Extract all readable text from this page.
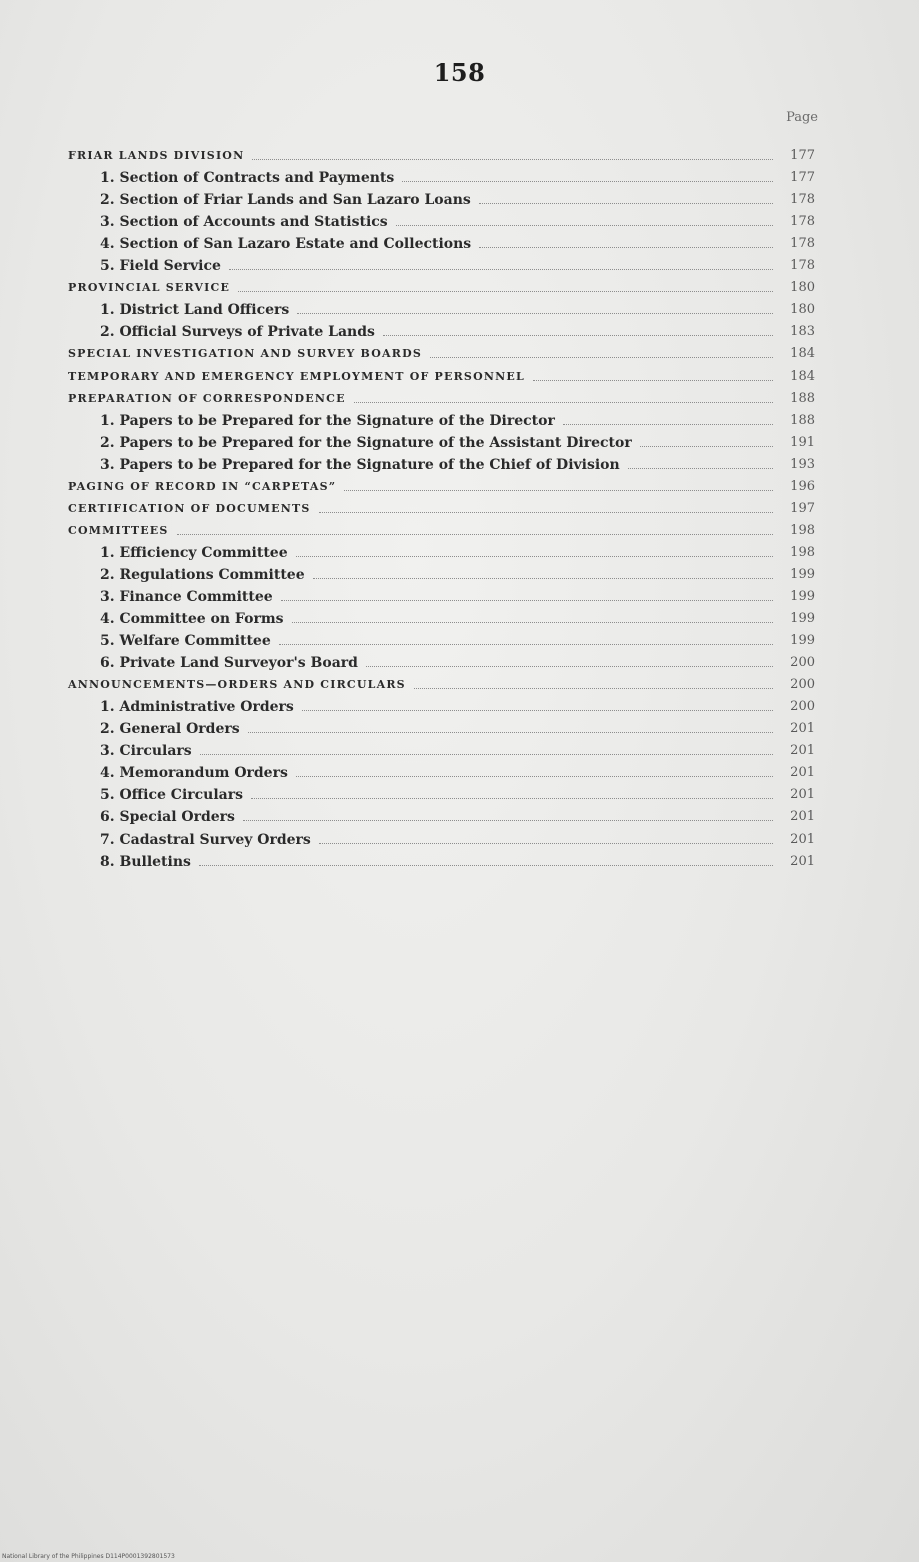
158
Page
FRIAR LANDS DIVISION	177
1. Section of Contracts and Payments	177
2. Section of Friar Lands and San Lazaro Loans	178
3. Section of Accounts and Statistics	178
4. Section of San Lazaro Estate and Collections	178
5. Field Service	178
PROVINCIAL SERVICE	180
1. District Land Officers	180
2. Official Surveys of Private Lands	183
SPECIAL INVESTIGATION AND SURVEY BOARDS	184
TEMPORARY AND EMERGENCY EMPLOYMENT OF PERSONNEL	184
PREPARATION OF CORRESPONDENCE	188
1. Papers to be Prepared for the Signature of the Director	188
2. Papers to be Prepared for the Signature of the Assistant Director	191
3. Papers to be Prepared for the Signature of the Chief of Division	193
PAGING OF RECORD IN “CARPETAS”	196
CERTIFICATION OF DOCUMENTS	197
COMMITTEES	198
1. Efficiency Committee	198
2. Regulations Committee	199
3. Finance Committee	199
4. Committee on Forms	199
5. Welfare Committee	199
6. Private Land Surveyor's Board	200
ANNOUNCEMENTS—ORDERS AND CIRCULARS	200
1. Administrative Orders	200
2. General Orders	201
3. Circulars	201
4. Memorandum Orders	201
5. Office Circulars	201
6. Special Orders	201
7. Cadastral Survey Orders	201
8. Bulletins	201
National Library of the Philippines D114P0001392801573
